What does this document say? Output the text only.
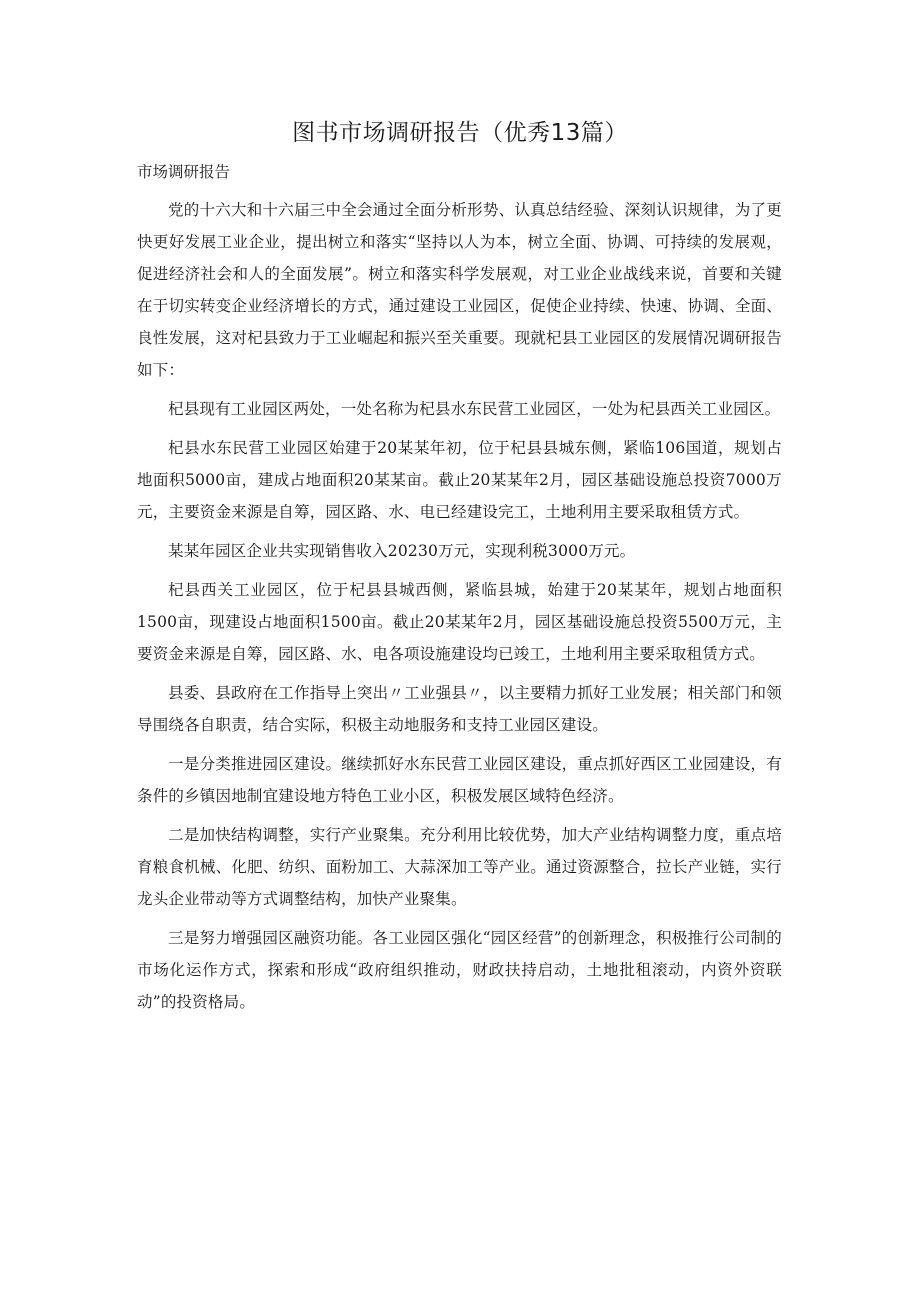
图书市场调研报告（优秀13篇）

市场调研报告

党的十六大和十六届三中全会通过全面分析形势、认真总结经验、深刻认识规律，为了更快更好发展工业企业，提出树立和落实“坚持以人为本，树立全面、协调、可持续的发展观，促进经济社会和人的全面发展”。树立和落实科学发展观，对工业企业战线来说，首要和关键在于切实转变企业经济增长的方式，通过建设工业园区，促使企业持续、快速、协调、全面、良性发展，这对杞县致力于工业崛起和振兴至关重要。现就杞县工业园区的发展情况调研报告如下：

杞县现有工业园区两处，一处名称为杞县水东民营工业园区，一处为杞县西关工业园区。

杞县水东民营工业园区始建于20某某年初，位于杞县县城东侧，紧临106国道，规划占地面积5000亩，建成占地面积20某某亩。截止20某某年2月，园区基础设施总投资7000万元，主要资金来源是自筹，园区路、水、电已经建设完工，土地利用主要采取租赁方式。

某某年园区企业共实现销售收入20230万元，实现利税3000万元。

杞县西关工业园区，位于杞县县城西侧，紧临县城，始建于20某某年，规划占地面积1500亩，现建设占地面积1500亩。截止20某某年2月，园区基础设施总投资5500万元，主要资金来源是自筹，园区路、水、电各项设施建设均已竣工，土地利用主要采取租赁方式。

县委、县政府在工作指导上突出〃工业强县〃，以主要精力抓好工业发展；相关部门和领导围绕各自职责，结合实际，积极主动地服务和支持工业园区建设。

一是分类推进园区建设。继续抓好水东民营工业园区建设，重点抓好西区工业园建设，有条件的乡镇因地制宜建设地方特色工业小区，积极发展区域特色经济。

二是加快结构调整，实行产业聚集。充分利用比较优势，加大产业结构调整力度，重点培育粮食机械、化肥、纺织、面粉加工、大蒜深加工等产业。通过资源整合，拉长产业链，实行龙头企业带动等方式调整结构，加快产业聚集。

三是努力增强园区融资功能。各工业园区强化“园区经营”的创新理念，积极推行公司制的市场化运作方式，探索和形成“政府组织推动，财政扶持启动，土地批租滚动，内资外资联动”的投资格局。
